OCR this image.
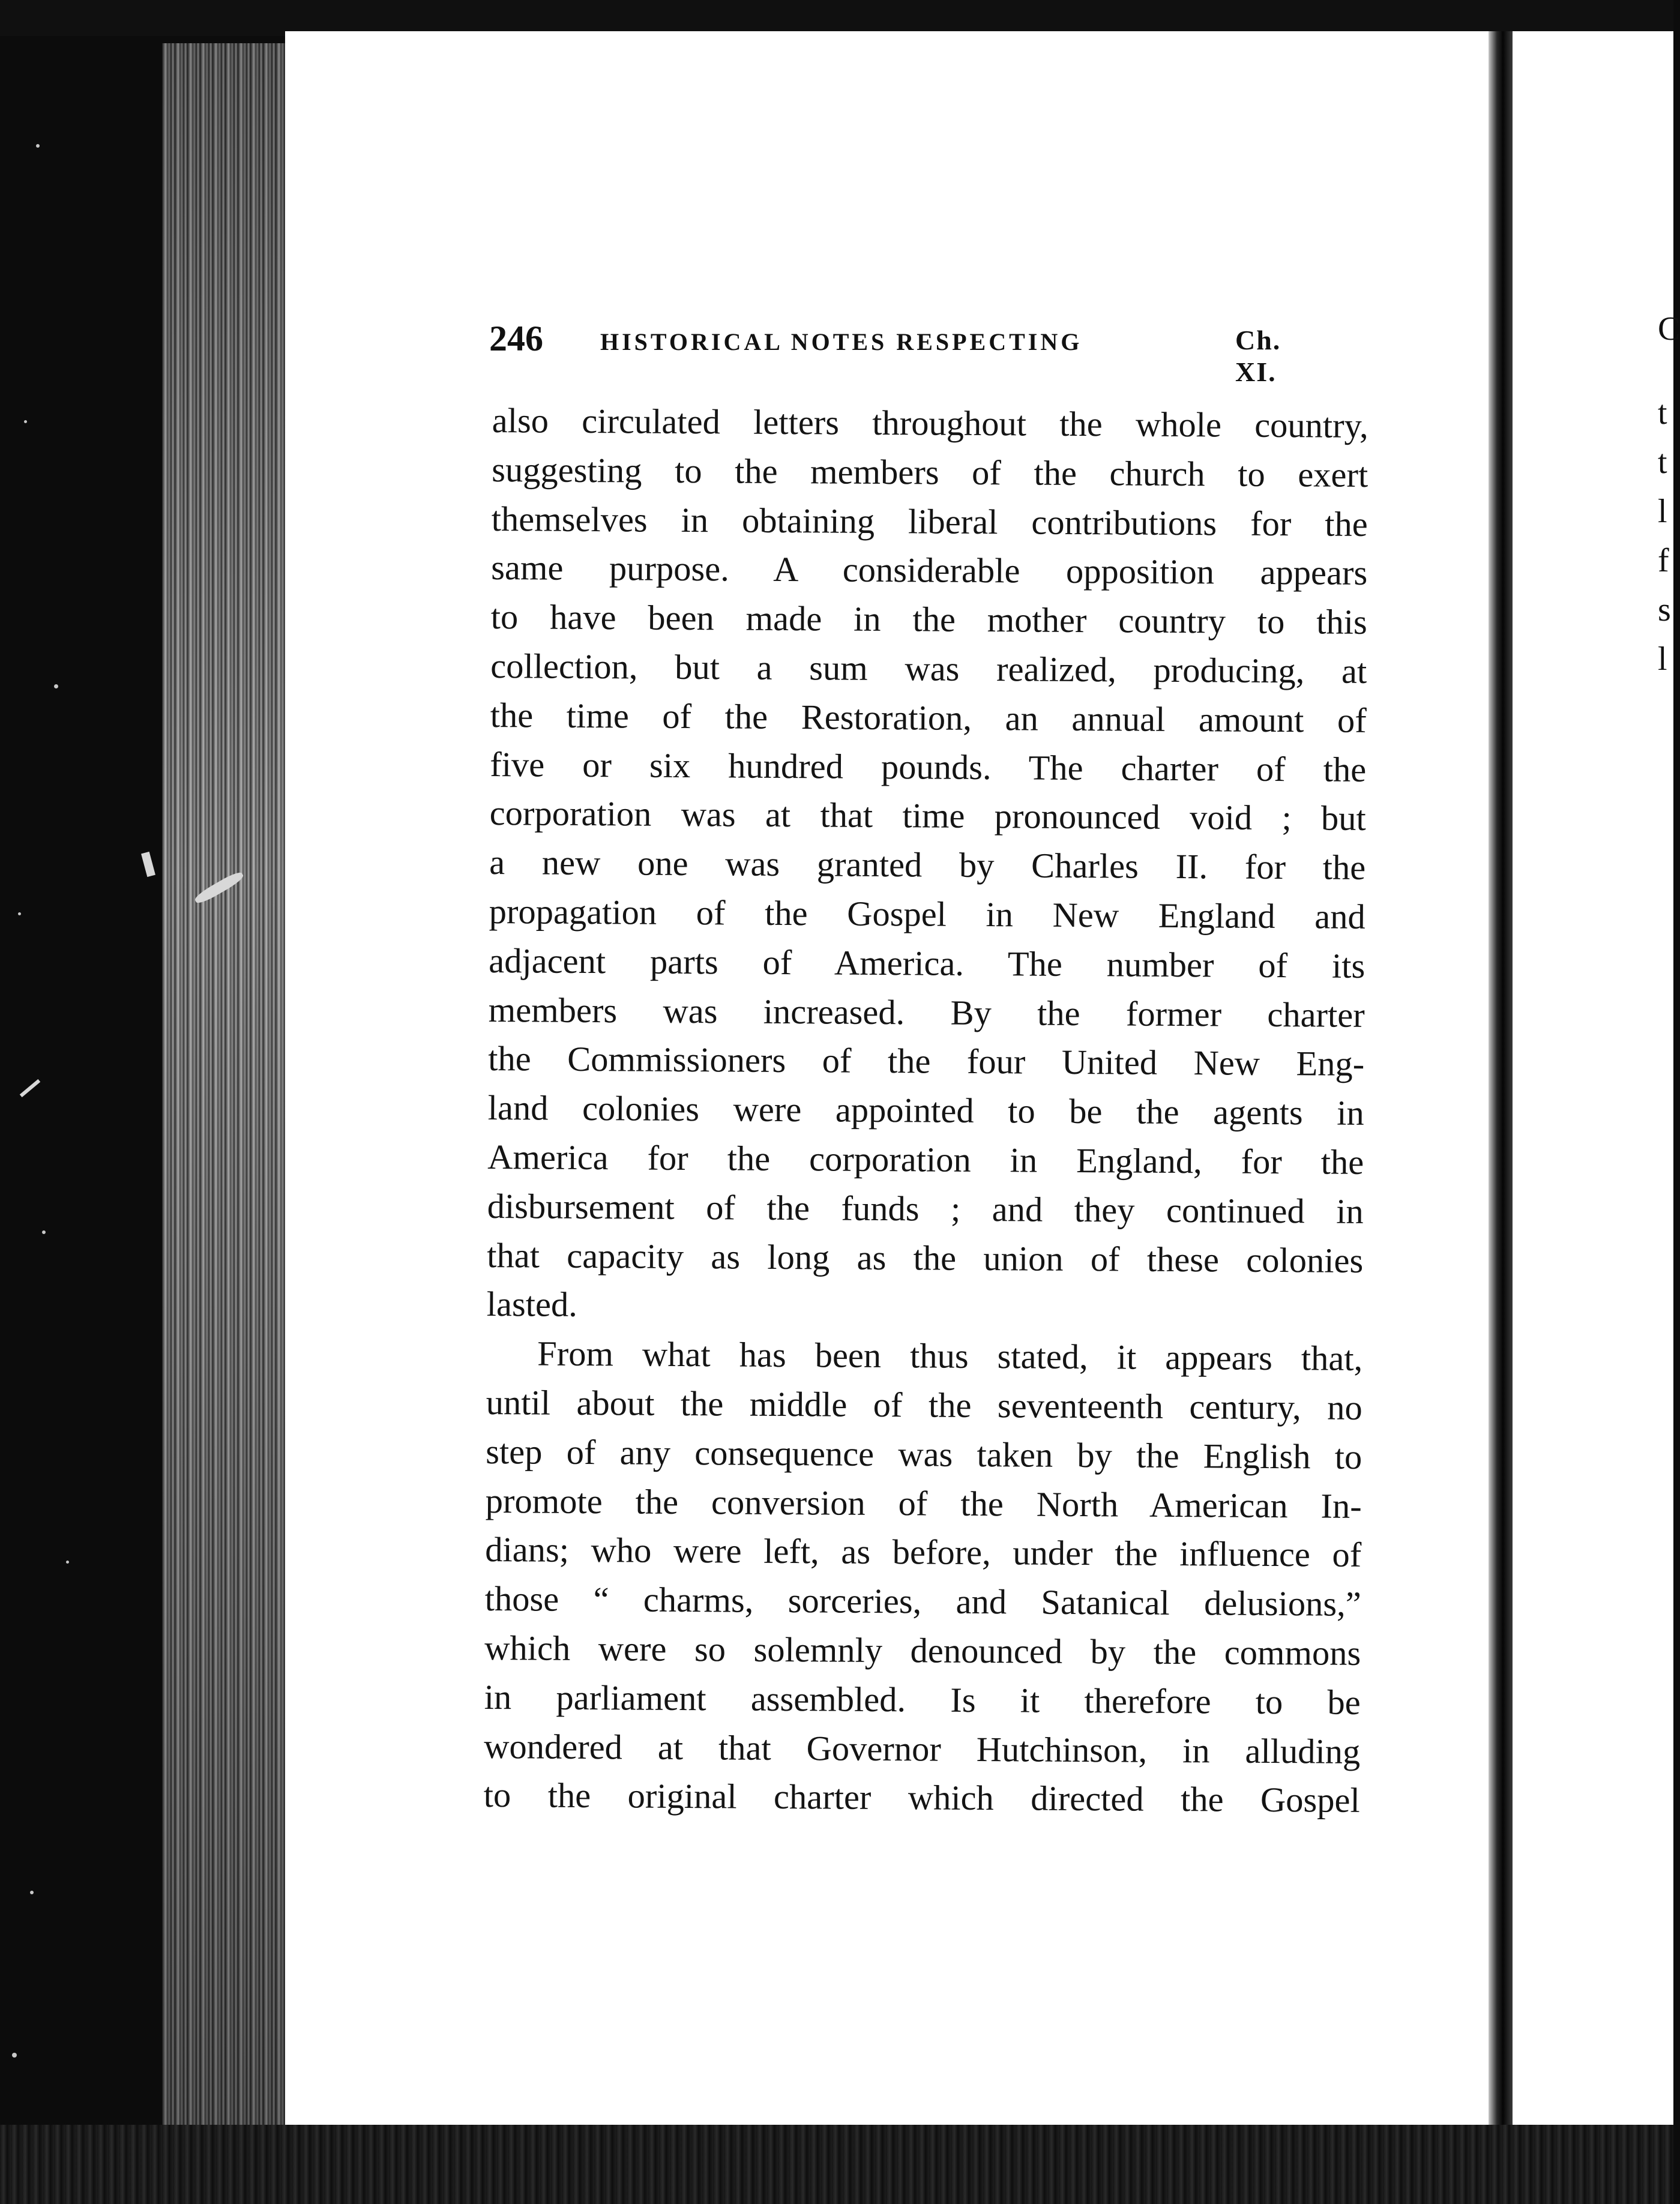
246 HISTORICAL NOTES RESPECTING	Ch. XI.
also circulated letters throughout the whole country,
suggesting to the members of the church to exert
themselves in obtaining liberal contributions for the
same purpose. A considerable opposition appears
to have been made in the mother country to this
collection, but a sum was realized, producing, at
the time of the Restoration, an annual amount of
five or six hundred pounds. The charter of the
corporation was at that time pronounced void ; but
a new one was granted by Charles II. for the
propagation of the Gospel in New England and
adjacent parts of America. The number of its
members was increased. By the former charter
the Commissioners of the four United New Eng-
land colonies were appointed to be the agents in
America for the corporation in England, for the
disbursement of the funds ; and they continued in
that capacity as long as the union of these colonies
lasted.
From what has been thus stated, it appears that,
until about the middle of the seventeenth century, no
step of any consequence was taken by the English to
promote the conversion of the North American In-
dians; who were left, as before, under the influence of
those “ charms, sorceries, and Satanical delusions,”
which were so solemnly denounced by the commons
in parliament assembled. Is it therefore to be
wondered at that Governor Hutchinson, in alluding
to the original charter which directed the Gospel
C
t
t
l
f
s
l
